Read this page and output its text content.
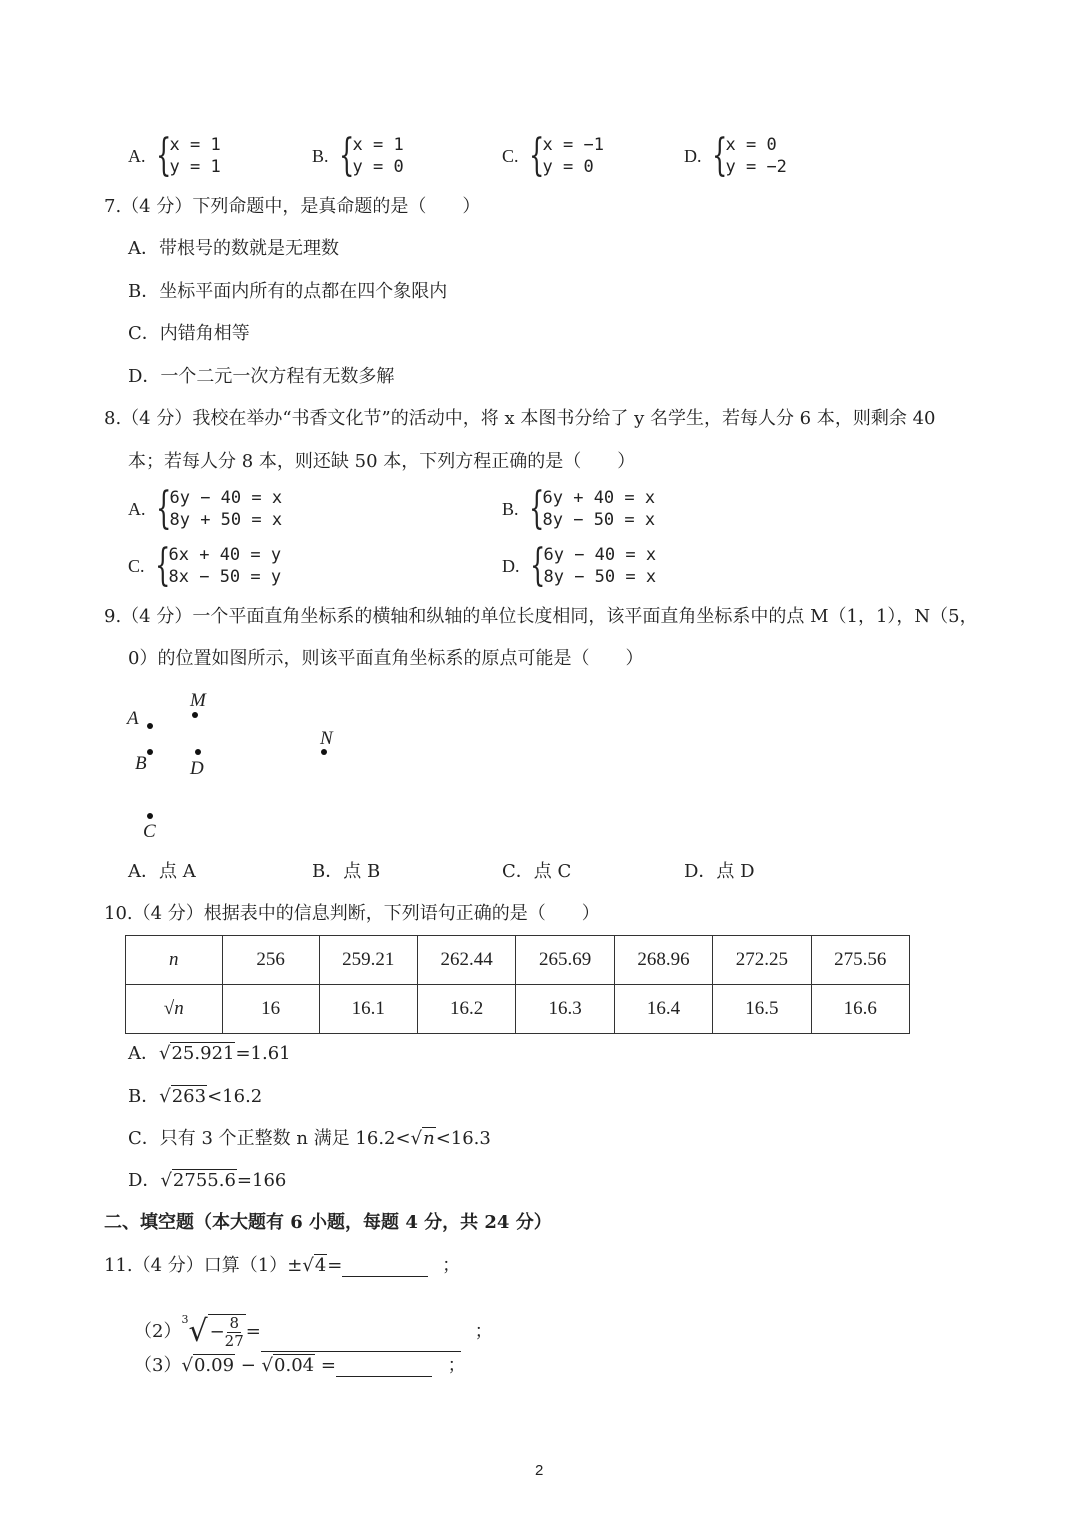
A. {
x = 1
y = 1
B. {
x = 1
y = 0
C. {
x = −1
y = 0
D. {
x = 0
y = −2
7.（4 分）下列命题中，是真命题的是（　　）
A．带根号的数就是无理数
B．坐标平面内所有的点都在四个象限内
C．内错角相等
D．一个二元一次方程有无数多解
8.（4 分）我校在举办“书香文化节”的活动中，将 x 本图书分给了 y 名学生，若每人分 6 本，则剩余 40
本；若每人分 8 本，则还缺 50 本，下列方程正确的是（　　）
A. {
6y − 40 = x
8y + 50 = x
B. {
6y + 40 = x
8y − 50 = x
C. {
6x + 40 = y
8x − 50 = y
D. {
6y − 40 = x
8y − 50 = x
9.（4 分）一个平面直角坐标系的横轴和纵轴的单位长度相同，该平面直角坐标系中的点 M（1，1），N（5，
0）的位置如图所示，则该平面直角坐标系的原点可能是（　　）
M
A
B D
N
C
A．点 A	B．点 B	C．点 C	D．点 D
10.（4 分）根据表中的信息判断，下列语句正确的是（　　）
n	256	259.21	262.44	265.69	268.96	272.25	275.56
√n	16	16.1	16.2	16.3	16.4	16.5	16.6
A．√25.921=1.61
B．√263<16.2
C．只有 3 个正整数 n 满足 16.2<√n<16.3
D．√2755.6=166
二、填空题（本大题有 6 小题，每题 4 分，共 24 分）
11.（4 分）口算（1）±√4=	；
$(2)^3√ - \frac{8}{27}$ =	；
（3）√0.09 − √0.04 =	；
2
